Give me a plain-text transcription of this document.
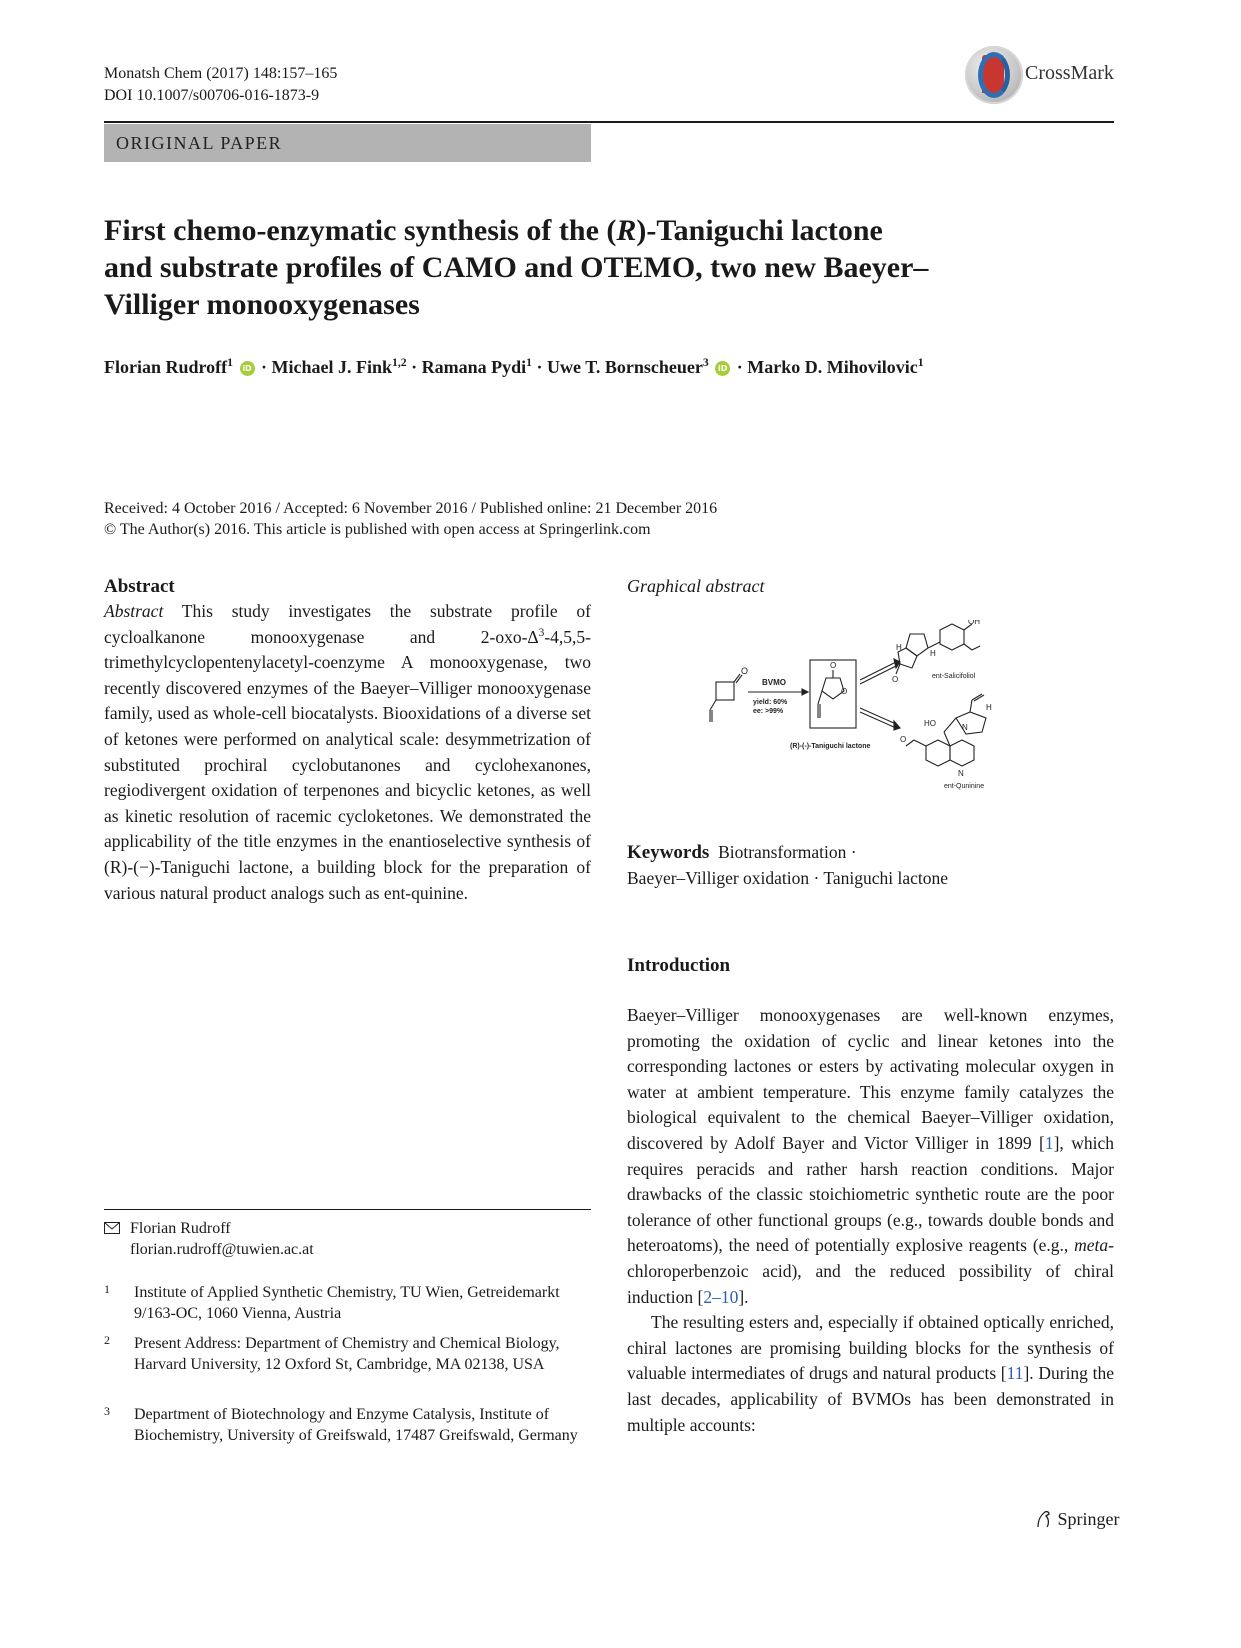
Monatsh Chem (2017) 148:157–165
DOI 10.1007/s00706-016-1873-9
CrossMark
ORIGINAL PAPER
First chemo-enzymatic synthesis of the (R)-Taniguchi lactone
and substrate profiles of CAMO and OTEMO, two new Baeyer–
Villiger monooxygenases
Florian Rudroff$^1$ iD · Michael J. Fink$^{1,2}$ · Ramana Pydi$^1$ · Uwe T. Bornscheuer$^3$ iD · Marko D. Mihovilovic$^1$
Received: 4 October 2016 / Accepted: 6 November 2016 / Published online: 21 December 2016
© The Author(s) 2016. This article is published with open access at Springerlink.com
Abstract
Abstract This study investigates the substrate profile of cycloalkanone monooxygenase and $2-oxo-\Delta^3-4,5,5-trimethylcyclopentenylacetyl$-coenzyme A monooxygenase, two recently discovered enzymes of the Baeyer–Villiger monooxygenase family, used as whole-cell biocatalysts. Biooxidations of a diverse set of ketones were performed on analytical scale: desymmetrization of substituted prochiral cyclobutanones and cyclohexanones, regiodivergent oxidation of terpenones and bicyclic ketones, as well as kinetic resolution of racemic cycloketones. We demonstrated the applicability of the title enzymes in the enantioselective synthesis of (R)-(−)-Taniguchi lactone, a building block for the preparation of various natural product analogs such as ent-quinine.
Graphical abstract
O
BVMO
yield: 60%
ee: >99%
O
O
(R)-(-)-Taniguchi lactone
OH
H
H
O	ent-Salicifoliol
O
HO
H
N
N
ent-Quninine
Keywords Biotransformation ·
Baeyer–Villiger oxidation · Taniguchi lactone
Introduction

Baeyer–Villiger monooxygenases are well-known enzymes, promoting the oxidation of cyclic and linear ketones into the corresponding lactones or esters by activating molecular oxygen in water at ambient temperature. This enzyme family catalyzes the biological equivalent to the chemical Baeyer–Villiger oxidation, discovered by Adolf Bayer and Victor Villiger in 1899 [1], which requires peracids and rather harsh reaction conditions. Major drawbacks of the classic stoichiometric synthetic route are the poor tolerance of other functional groups (e.g., towards double bonds and heteroatoms), the need of potentially explosive reagents (e.g., meta-chloroperbenzoic acid), and the reduced possibility of chiral induction [2–10].

The resulting esters and, especially if obtained optically enriched, chiral lactones are promising building blocks for the synthesis of valuable intermediates of drugs and natural products [11]. During the last decades, applicability of BVMOs has been demonstrated in multiple accounts:

Florian Rudroff
florian.rudroff@tuwien.ac.at
1 Institute of Applied Synthetic Chemistry, TU Wien, Getreidemarkt 9/163-OC, 1060 Vienna, Austria
2 Present Address: Department of Chemistry and Chemical Biology, Harvard University, 12 Oxford St, Cambridge, MA 02138, USA
3 Department of Biotechnology and Enzyme Catalysis, Institute of Biochemistry, University of Greifswald, 17487 Greifswald, Germany
Springer
